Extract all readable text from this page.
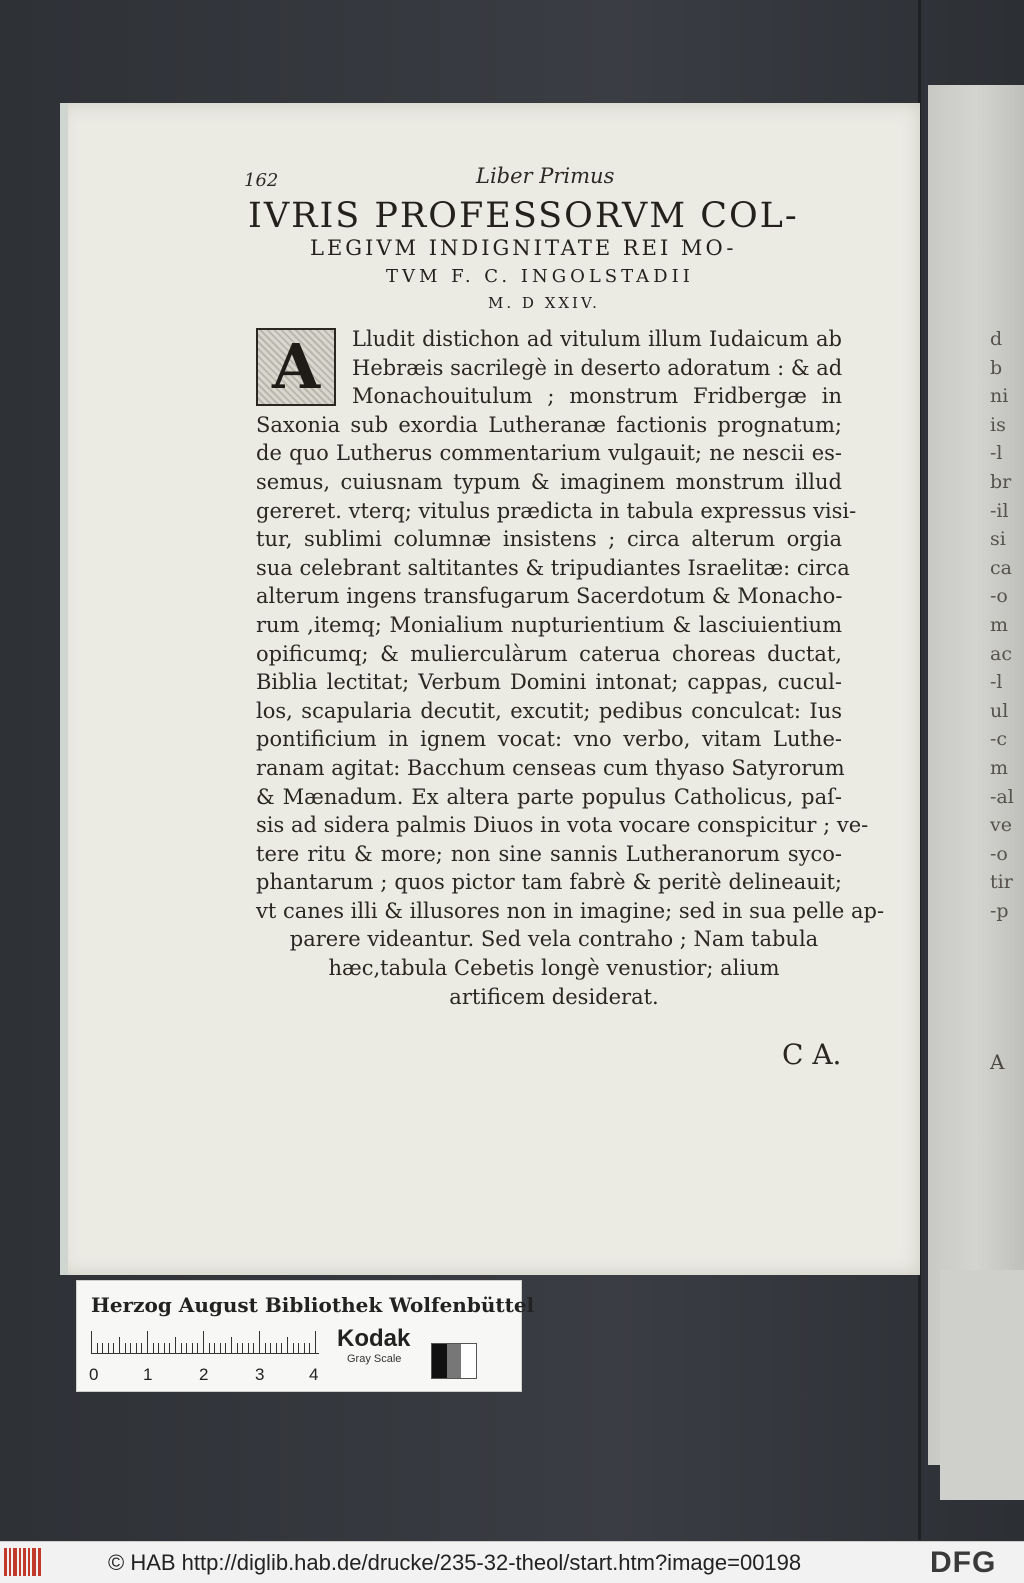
d
b
ni
is
-l
br
-il
si
ca
-o
m
ac
-l
ul
-c
m
-al
ve
-o
tir
-p
A
162	Liber Primus
IVRIS PROFESSORVM COL-
LEGIVM INDIGNITATE REI MO-
TVM F. C. INGOLSTADII
M. D XXIV.
Lludit distichon ad vitulum illum Iudaicum ab
Hebræis sacrilegè in deserto adoratum : & ad
Monachouitulum ; monstrum Fridbergæ in
Saxonia sub exordia Lutheranæ factionis prognatum;
de quo Lutherus commentarium vulgauit; ne nescii es-
semus, cuiusnam typum & imaginem monstrum illud
gereret. vterq; vitulus prædicta in tabula expressus visi-
tur, sublimi columnæ insistens ; circa alterum orgia
sua celebrant saltitantes & tripudiantes Israelitæ: circa
alterum ingens transfugarum Sacerdotum & Monacho-
rum ,itemq; Monialium nupturientium & lasciuientium
opificumq; & mulierculàrum caterua choreas ductat,
Biblia lectitat; Verbum Domini intonat; cappas, cucul-
los, scapularia decutit, excutit; pedibus conculcat: Ius
pontificium in ignem vocat: vno verbo, vitam Luthe-
ranam agitat: Bacchum censeas cum thyaso Satyrorum
& Mænadum. Ex altera parte populus Catholicus, paſ-
sis ad sidera palmis Diuos in vota vocare conspicitur ; ve-
tere ritu & more; non sine sannis Lutheranorum syco-
phantarum ; quos pictor tam fabrè & peritè delineauit;
vt canes illi & illusores non in imagine; sed in sua pelle ap-
parere videantur. Sed vela contraho ; Nam tabula
hæc,tabula Cebetis longè venustior; alium
artificem desiderat.
A
C A.
Herzog August Bibliothek Wolfenbüttel
0	1	2	3	4
Kodak
Gray Scale
© HAB http://diglib.hab.de/drucke/235-32-theol/start.htm?image=00198	DFG
